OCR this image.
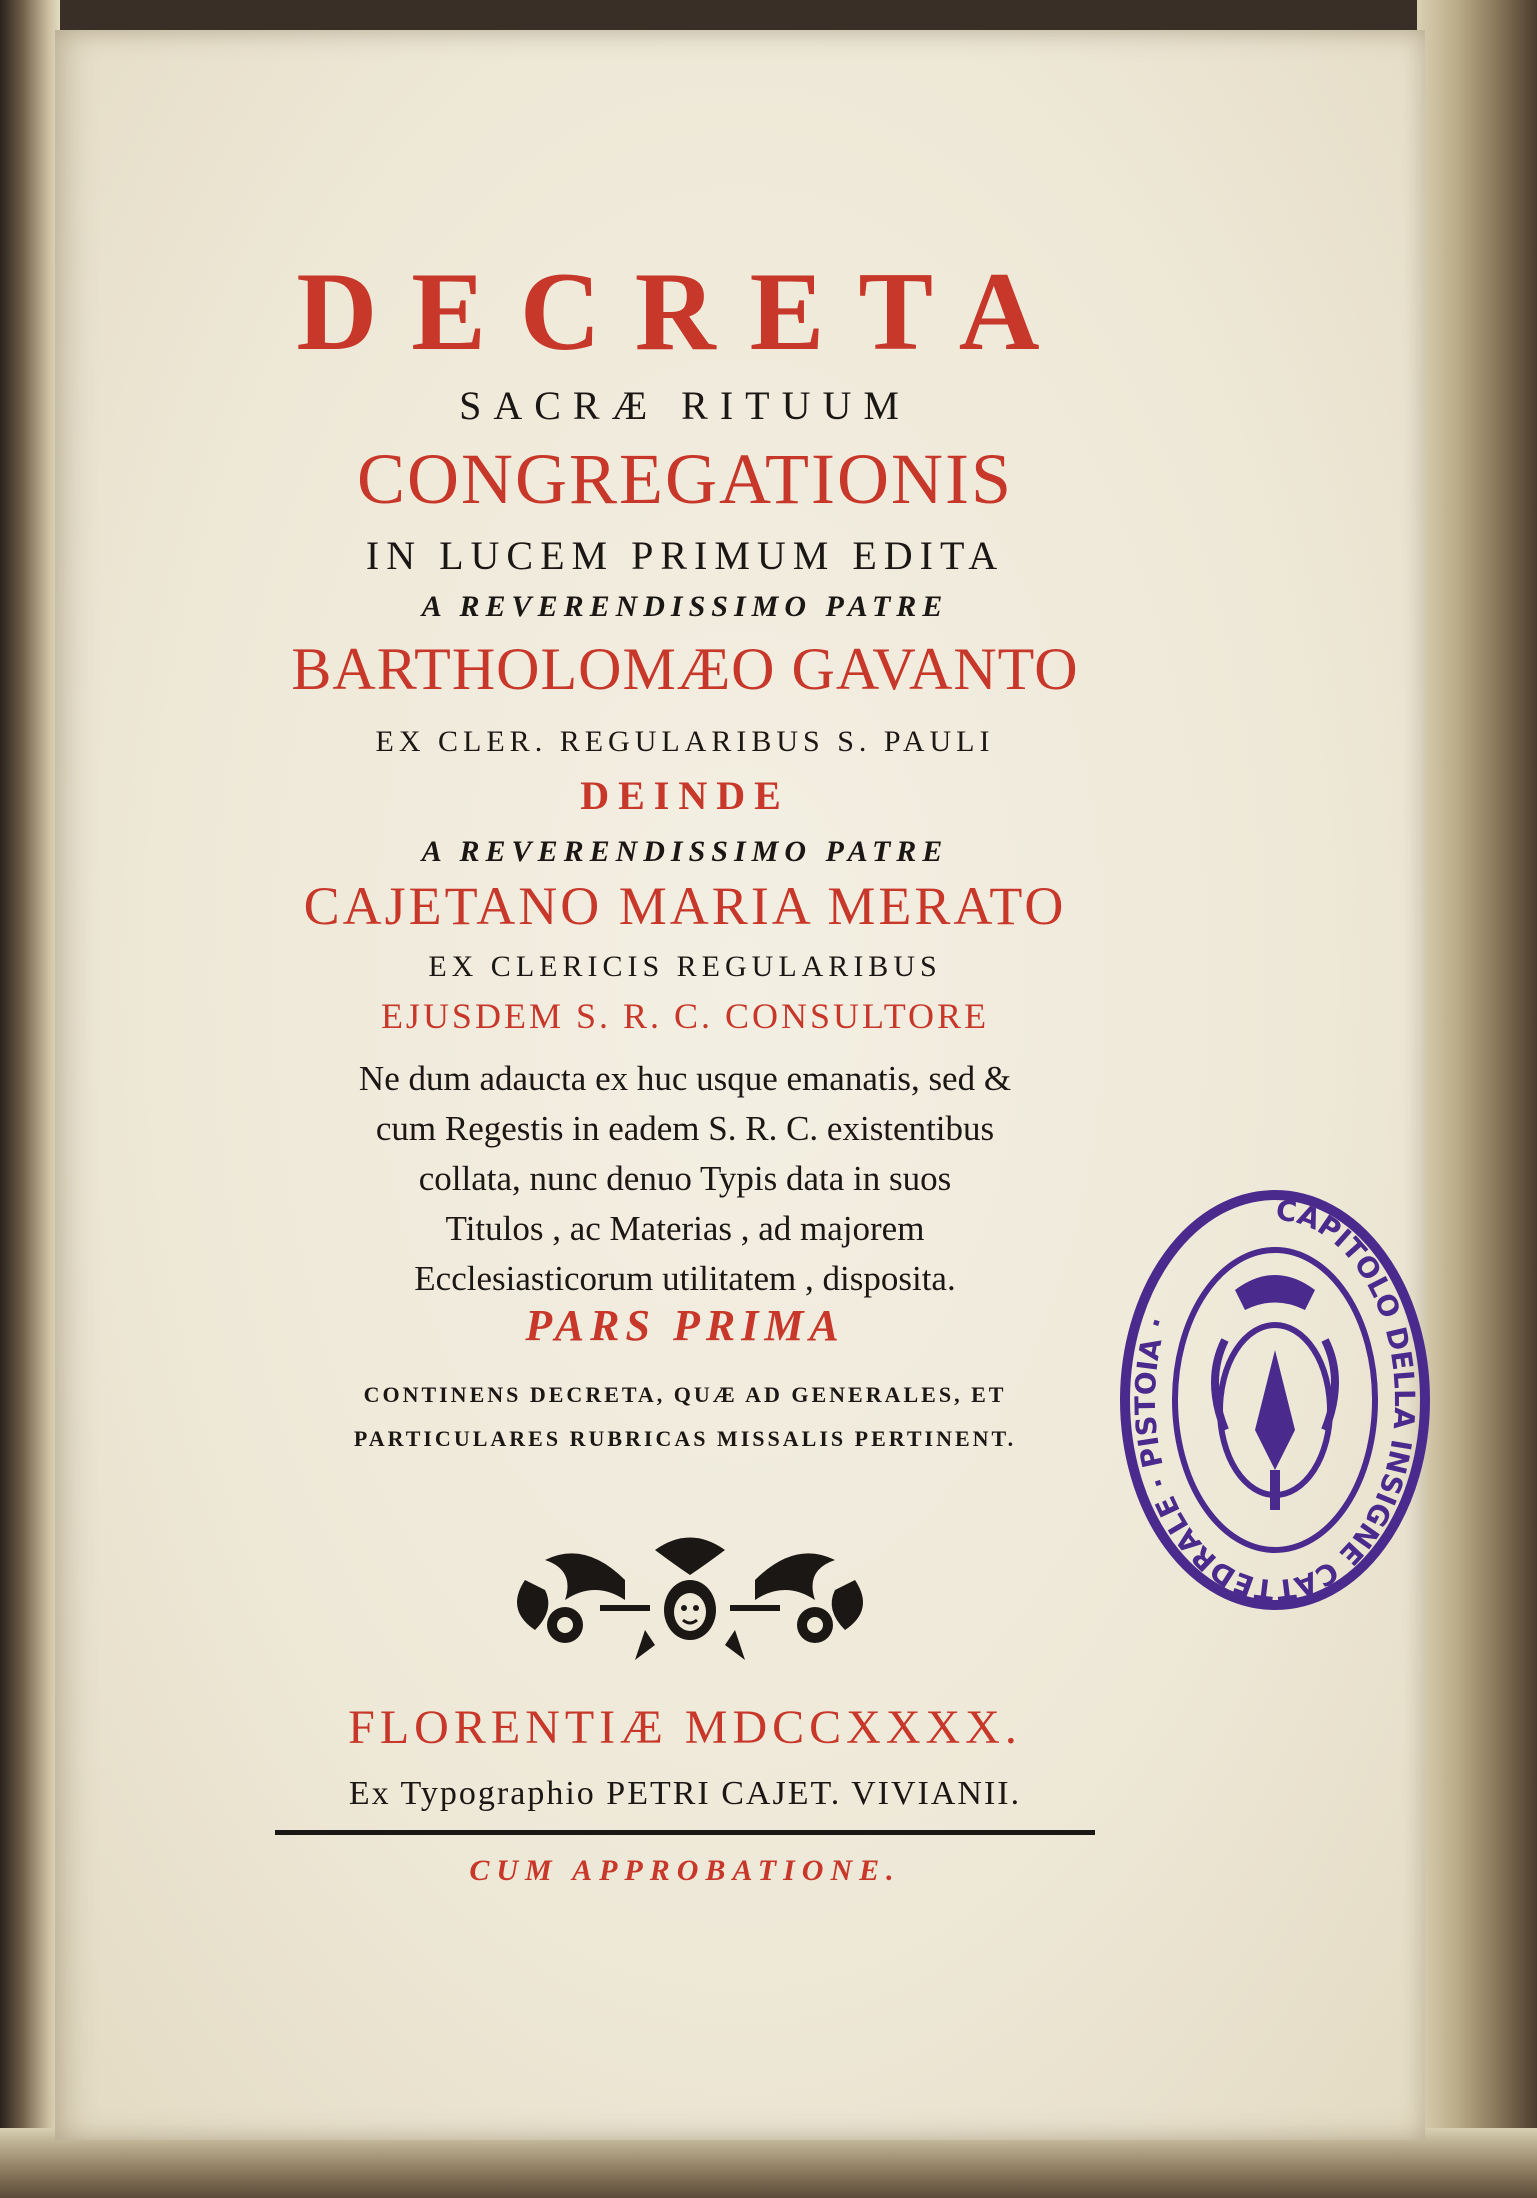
DECRETA

SACRÆ RITUUM

CONGREGATIONIS

IN LUCEM PRIMUM EDITA

A REVERENDISSIMO PATRE

BARTHOLOMÆO GAVANTO

EX CLER. REGULARIBUS S. PAULI

DEINDE

A REVERENDISSIMO PATRE

CAJETANO MARIA MERATO

EX CLERICIS REGULARIBUS

EJUSDEM S. R. C. CONSULTORE

Ne dum adaucta ex huc usque emanatis, sed &
cum Regestis in eadem S. R. C. existentibus
collata, nunc denuo Typis data in suos
Titulos , ac Materias , ad majorem
Ecclesiasticorum utilitatem , disposita.

PARS PRIMA

CONTINENS DECRETA, QUÆ AD GENERALES, ET

PARTICULARES RUBRICAS MISSALIS PERTINENT.

FLORENTIÆ MDCCXXXX.

Ex Typographio PETRI CAJET. VIVIANII.

CUM APPROBATIONE.

CAPITOLO DELLA INSIGNE CATTEDRALE · PISTOIA ·
